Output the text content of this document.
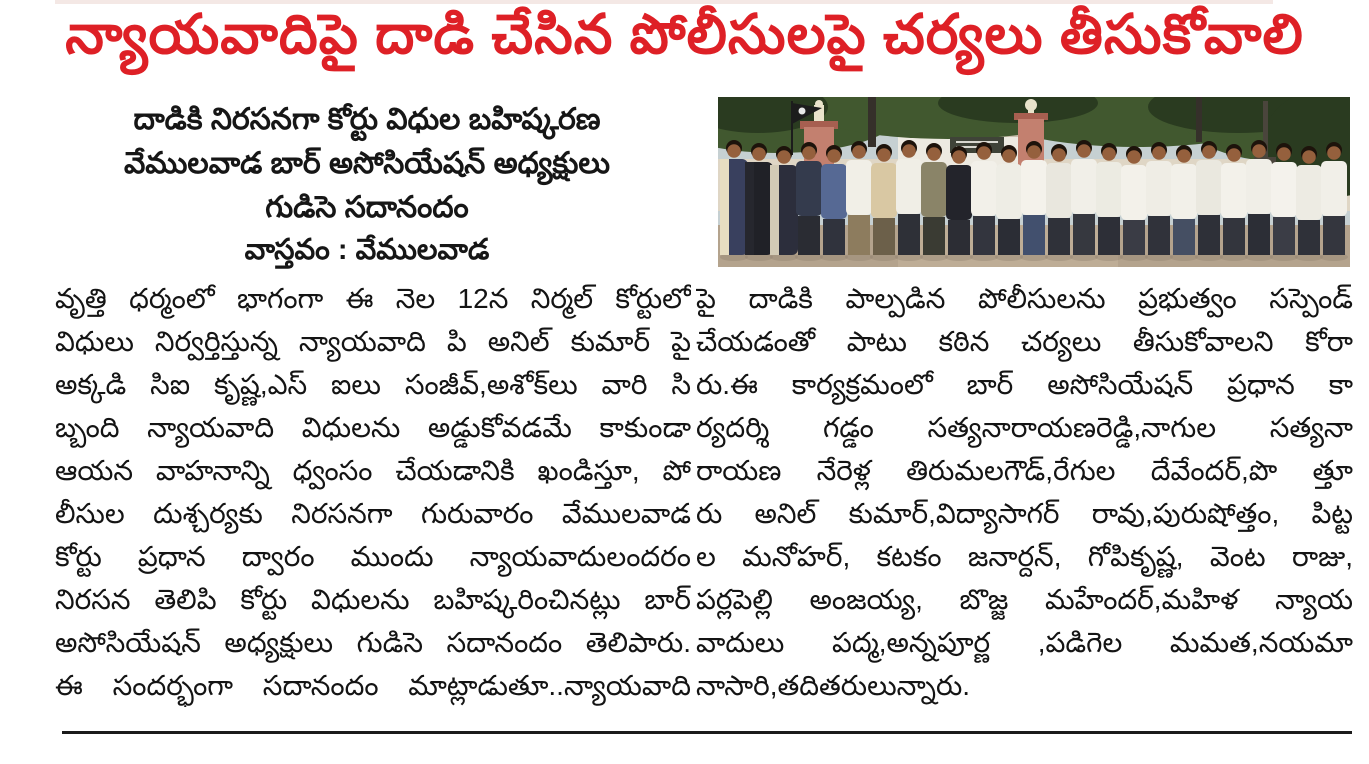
న్యాయవాదిపై దాడి చేసిన పోలీసులపై చర్యలు తీసుకోవాలి
దాడికి నిరసనగా కోర్టు విధుల బహిష్కరణ
వేములవాడ బార్ అసోసియేషన్ అధ్యక్షులు
గుడిసె సదానందం
వాస్తవం : వేములవాడ
వృత్తి ధర్మంలో భాగంగా ఈ నెల 12న నిర్మల్ కోర్టులో
విధులు నిర్వర్తిస్తున్న న్యాయవాది పి అనిల్ కుమార్ పై
అక్కడి సిఐ కృష్ణ,ఎస్ ఐలు సంజీవ్,అశోక్‌లు వారి సి
బ్బంది న్యాయవాది విధులను అడ్డుకోవడమే కాకుండా
ఆయన వాహనాన్ని ధ్వంసం చేయడానికి ఖండిస్తూ, పో
లీసుల దుశ్చర్యకు నిరసనగా గురువారం వేములవాడ
కోర్టు ప్రధాన ద్వారం ముందు న్యాయవాదులందరం
నిరసన తెలిపి కోర్టు విధులను బహిష్కరించినట్లు బార్
అసోసియేషన్ అధ్యక్షులు గుడిసె సదానందం తెలిపారు.
ఈ సందర్భంగా సదానందం మాట్లాడుతూ..న్యాయవాది
పై దాడికి పాల్పడిన పోలీసులను ప్రభుత్వం సస్పెండ్
చేయడంతో పాటు కఠిన చర్యలు తీసుకోవాలని కోరా
రు.ఈ కార్యక్రమంలో బార్ అసోసియేషన్ ప్రధాన కా
ర్యదర్శి గడ్డం సత్యనారాయణరెడ్డి,నాగుల సత్యనా
రాయణ నేరెళ్ల తిరుమలగౌడ్,రేగుల దేవేందర్,పొ త్తూ
రు అనిల్ కుమార్,విద్యాసాగర్ రావు,పురుషోత్తం, పిట్ట
ల మనోహర్, కటకం జనార్దన్, గోపికృష్ణ, వెంట రాజు,
పర్లపెల్లి అంజయ్య, బొజ్జ మహేందర్,మహిళ న్యాయ
వాదులు పద్మ,అన్నపూర్ణ ,పడిగెల మమత,నయమా
నాసారి,తదితరులున్నారు.
